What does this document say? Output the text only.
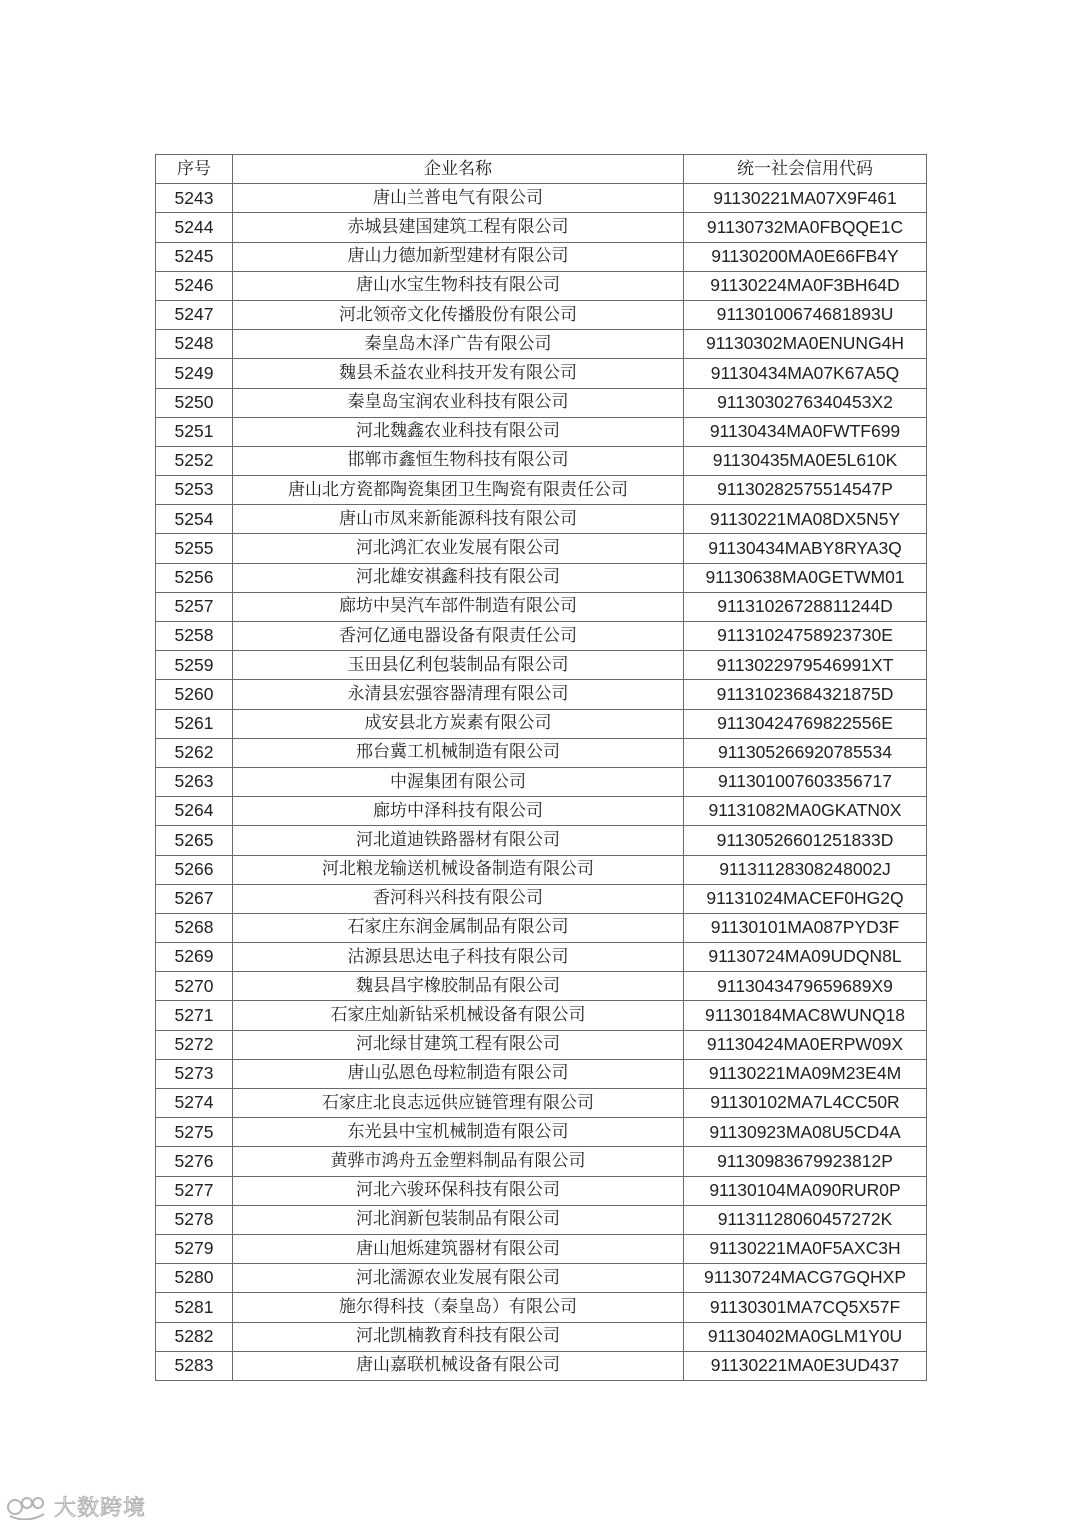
序号	企业名称	统一社会信用代码
5243	唐山兰普电气有限公司	91130221MA07X9F461
5244	赤城县建国建筑工程有限公司	91130732MA0FBQQE1C
5245	唐山力德加新型建材有限公司	91130200MA0E66FB4Y
5246	唐山水宝生物科技有限公司	91130224MA0F3BH64D
5247	河北领帝文化传播股份有限公司	91130100674681893U
5248	秦皇岛木泽广告有限公司	91130302MA0ENUNG4H
5249	魏县禾益农业科技开发有限公司	91130434MA07K67A5Q
5250	秦皇岛宝润农业科技有限公司	9113030276340453X2
5251	河北魏鑫农业科技有限公司	91130434MA0FWTF699
5252	邯郸市鑫恒生物科技有限公司	91130435MA0E5L610K
5253	唐山北方瓷都陶瓷集团卫生陶瓷有限责任公司	91130282575514547P
5254	唐山市凤来新能源科技有限公司	91130221MA08DX5N5Y
5255	河北鸿汇农业发展有限公司	91130434MABY8RYA3Q
5256	河北雄安祺鑫科技有限公司	91130638MA0GETWM01
5257	廊坊中昊汽车部件制造有限公司	91131026728811244D
5258	香河亿通电器设备有限责任公司	91131024758923730E
5259	玉田县亿利包装制品有限公司	9113022979546991XT
5260	永清县宏强容器清理有限公司	91131023684321875D
5261	成安县北方炭素有限公司	91130424769822556E
5262	邢台冀工机械制造有限公司	91130526692078553​4
5263	中渥集团有限公司	91130100760335671​7
5264	廊坊中泽科技有限公司	91131082MA0GKATN0X
5265	河北道迪铁路器材有限公司	91130526601251833D
5266	河北粮龙输送机械设备制造有限公司	91131128308248002J
5267	香河科兴科技有限公司	91131024MACEF0HG2Q
5268	石家庄东润金属制品有限公司	91130101MA087PYD3F
5269	沽源县思达电子科技有限公司	91130724MA09UDQN8L
5270	魏县昌宇橡胶制品有限公司	9113043479659689X9
5271	石家庄灿新钻采机械设备有限公司	91130184MAC8WUNQ18
5272	河北绿甘建筑工程有限公司	91130424MA0ERPW09X
5273	唐山弘恩色母粒制造有限公司	91130221MA09M23E4M
5274	石家庄北良志远供应链管理有限公司	91130102MA7L4CC50R
5275	东光县中宝机械制造有限公司	91130923MA08U5CD4A
5276	黄骅市鸿舟五金塑料制品有限公司	91130983679923812P
5277	河北六骏环保科技有限公司	91130104MA090RUR0P
5278	河北润新包装制品有限公司	91131128060457272K
5279	唐山旭烁建筑器材有限公司	91130221MA0F5AXC3H
5280	河北濡源农业发展有限公司	91130724MACG7GQHXP
5281	施尔得科技（秦皇岛）有限公司	91130301MA7CQ5X57F
5282	河北凯楠教育科技有限公司	91130402MA0GLM1Y0U
5283	唐山嘉联机械设备有限公司	91130221MA0E3UD437
大数跨境
